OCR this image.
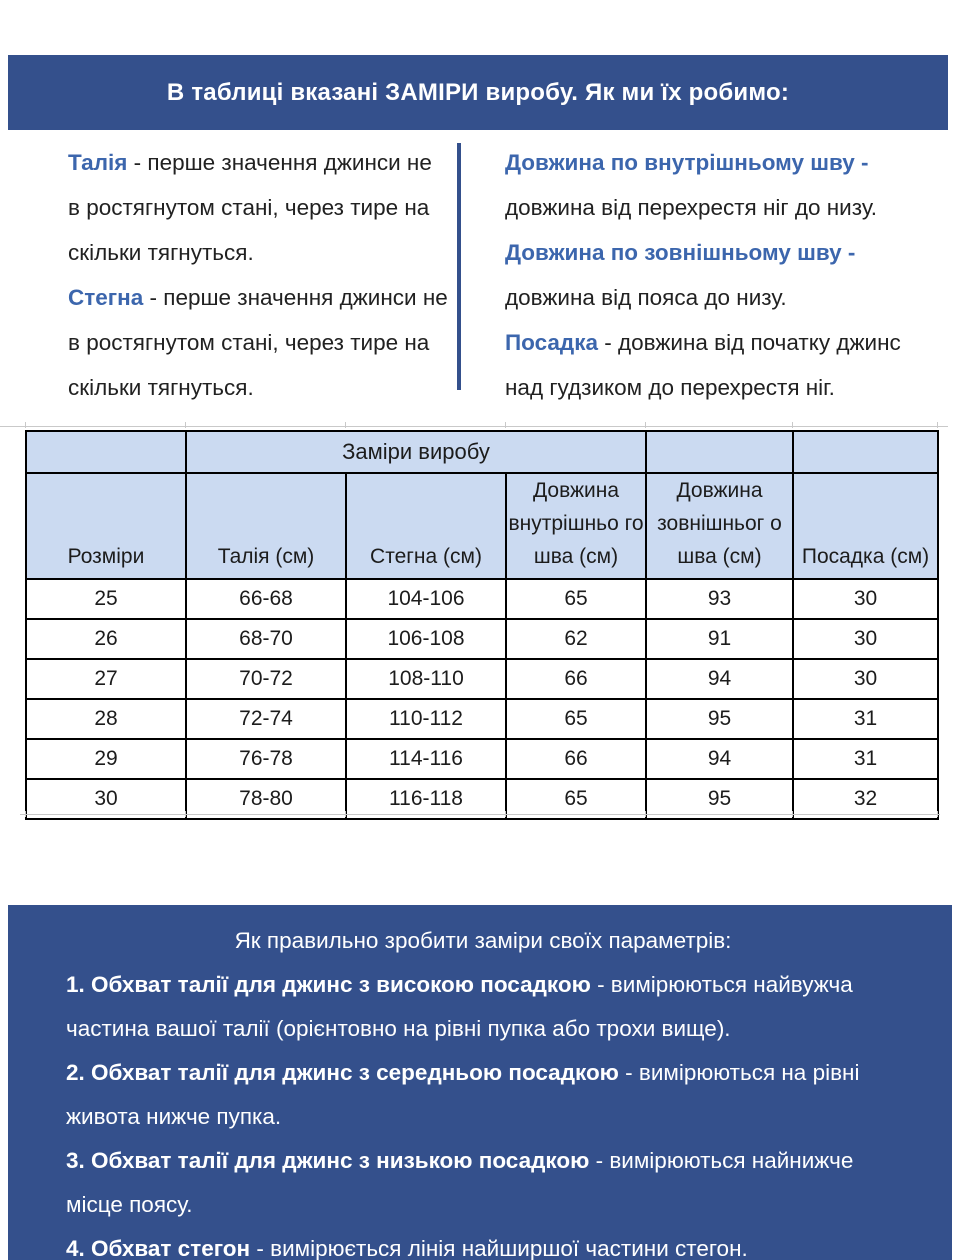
В таблиці вказані ЗАМІРИ виробу. Як ми їх робимо:

Талія - перше значення джинси не в ростягнутом стані, через тире на скільки тягнуться.

Стегна - перше значення джинси не в ростягнутом стані, через тире на скільки тягнуться.

Довжина по внутрішньому шву - довжина від перехрестя ніг до низу.

Довжина по зовнішньому шву - довжина від пояса до низу.

Посадка - довжина від початку джинс над гудзиком до перехрестя ніг.

	Заміри виробу				
Розміри	Талія (см)	Стегна (см)	Довжина внутрішньо го шва (см)	Довжина зовнішньог о шва (см)	Посадка (см)
25	66-68	104-106	65	93	30
26	68-70	106-108	62	91	30
27	70-72	108-110	66	94	30
28	72-74	110-112	65	95	31
29	76-78	114-116	66	94	31
30	78-80	116-118	65	95	32

Як правильно зробити заміри своїх параметрів:

1. Обхват талії для джинс з високою посадкою - вимірюються найвужча частина вашої талії (орієнтовно на рівні пупка або трохи вище).

2. Обхват талії для джинс з середньою посадкою - вимірюються на рівні живота нижче пупка.

3. Обхват талії для джинс з низькою посадкою - вимірюються найнижче місце поясу.

4. Обхват стегон - вимірюється лінія найширшої частини стегон.
